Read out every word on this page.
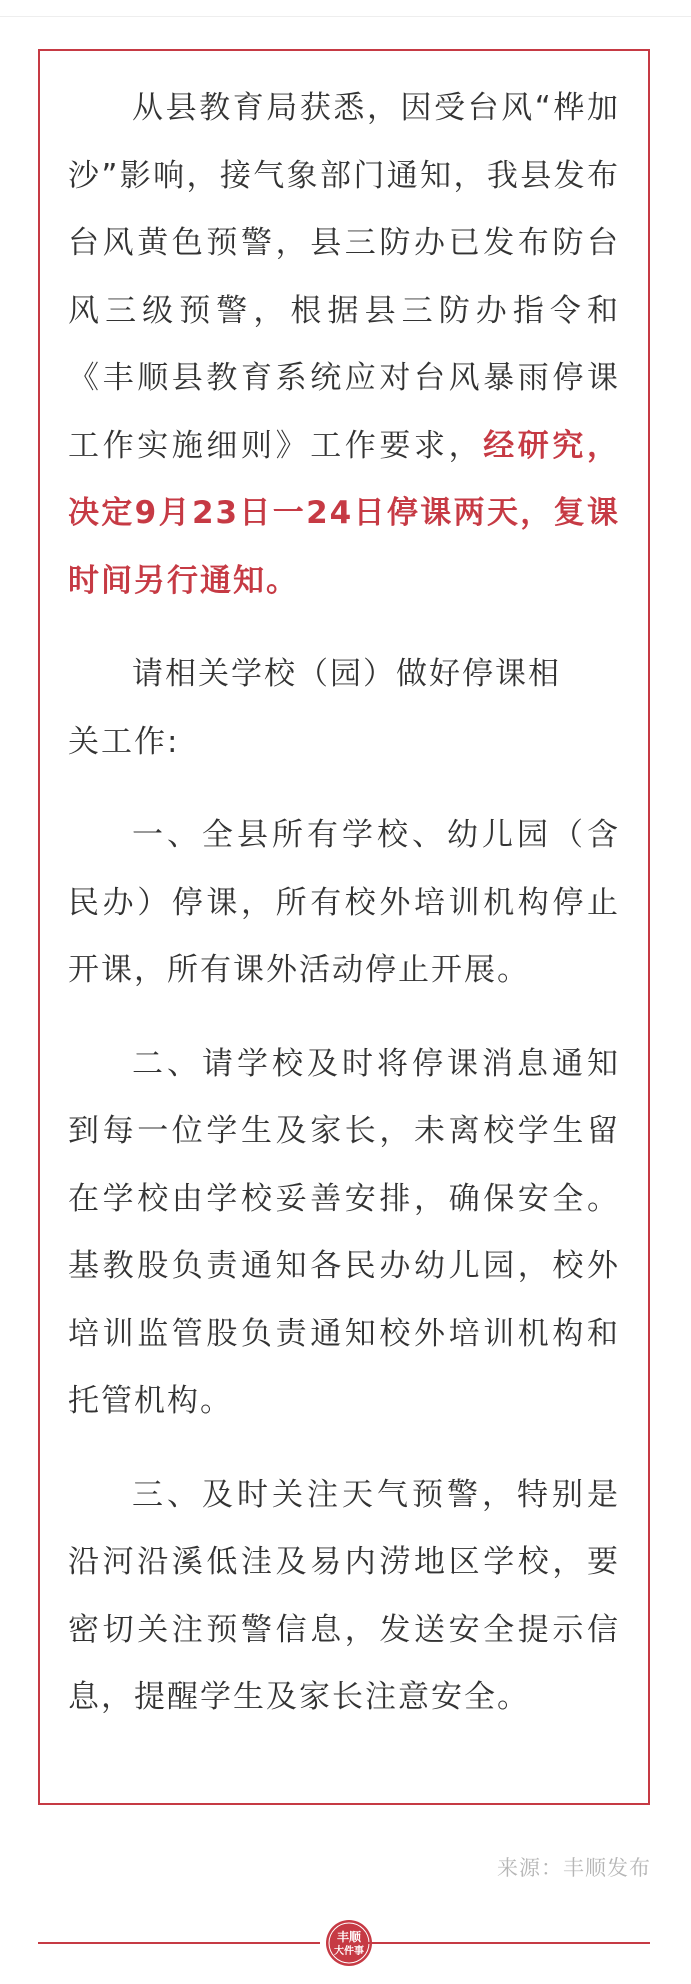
从县教育局获悉，因受台风“桦加沙”影响，接气象部门通知，我县发布台风黄色预警，县三防办已发布防台风三级预警，根据县三防办指令和《丰顺县教育系统应对台风暴雨停课工作实施细则》工作要求，经研究，决定9月23日一24日停课两天，复课时间另行通知。

请相关学校（园）做好停课相

关工作:

一、全县所有学校、幼儿园（含民办）停课，所有校外培训机构停止开课，所有课外活动停止开展。

二、请学校及时将停课消息通知到每一位学生及家长，未离校学生留在学校由学校妥善安排，确保安全。基教股负责通知各民办幼儿园，校外培训监管股负责通知校外培训机构和托管机构。

三、及时关注天气预警，特别是沿河沿溪低洼及易内涝地区学校，要密切关注预警信息，发送安全提示信息，提醒学生及家长注意安全。

来源：丰顺发布
丰顺
大件事
